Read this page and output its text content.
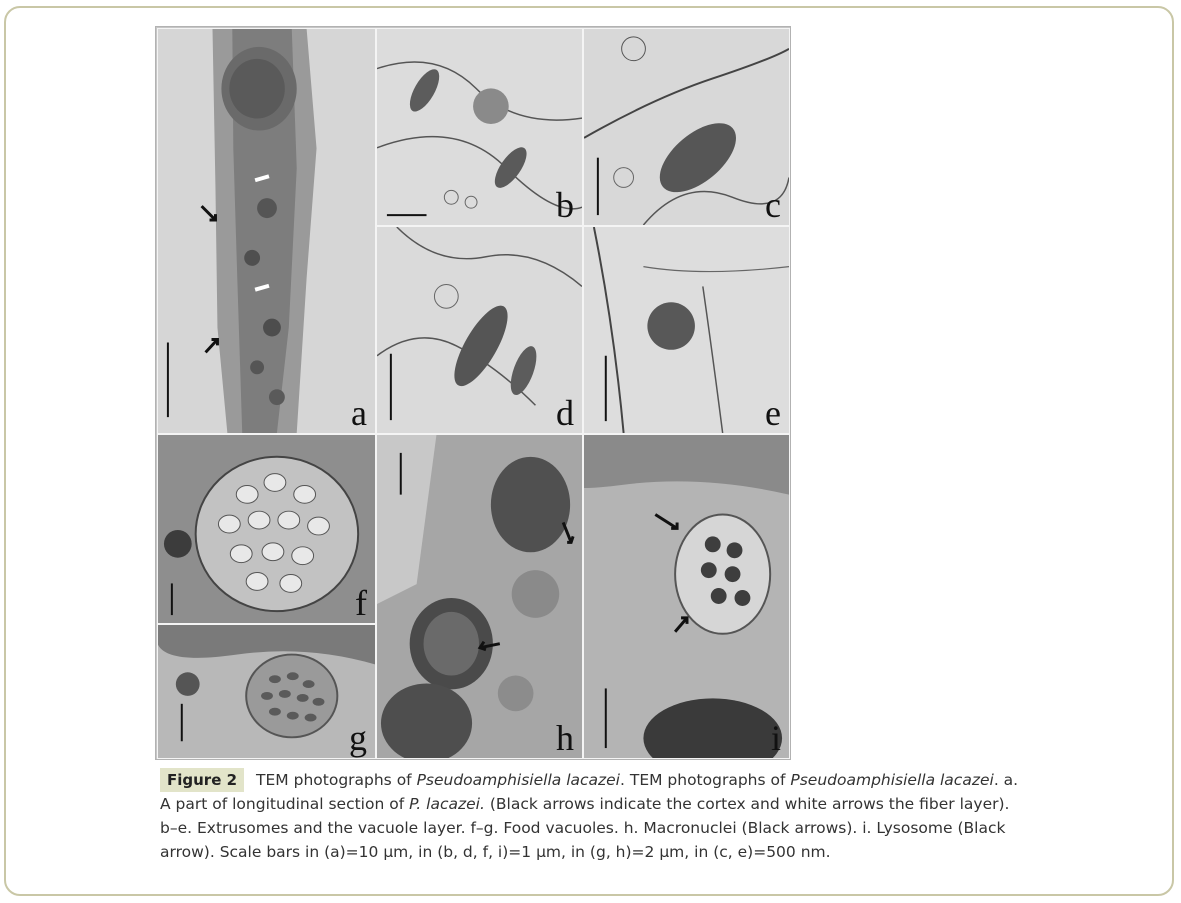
a
b	c
d	e
f
g	h	i
Figure 2 TEM photographs of Pseudoamphisiella lacazei. TEM photographs of Pseudoamphisiella lacazei. a. A part of longitudinal section of P. lacazei. (Black arrows indicate the cortex and white arrows the fiber layer). b–e. Extrusomes and the vacuole layer. f–g. Food vacuoles. h. Macronuclei (Black arrows). i. Lysosome (Black arrow). Scale bars in (a)=10 µm, in (b, d, f, i)=1 µm, in (g, h)=2 µm, in (c, e)=500 nm.
